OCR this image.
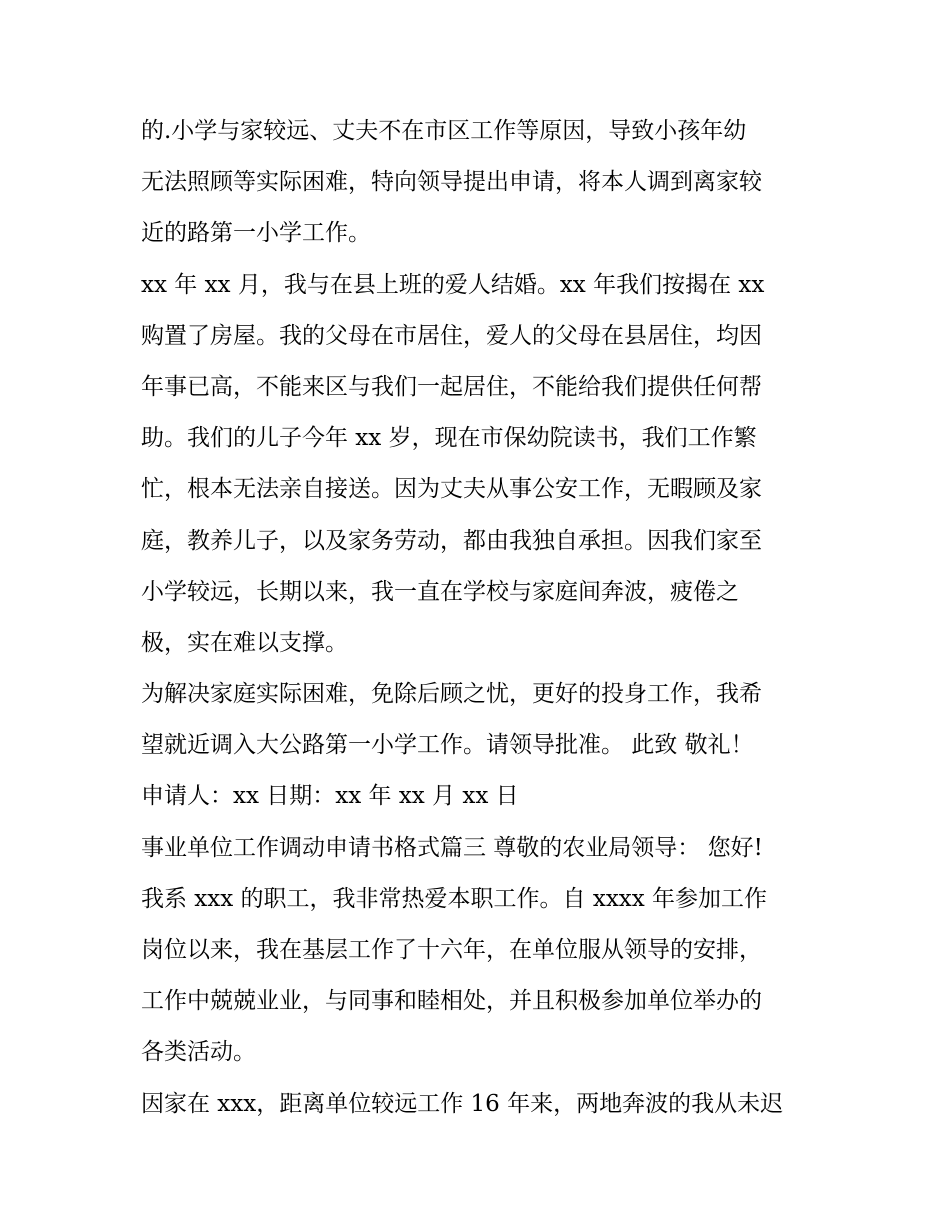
的.小学与家较远、丈夫不在市区工作等原因，导致小孩年幼
无法照顾等实际困难，特向领导提出申请，将本人调到离家较
近的路第一小学工作。
xx 年 xx 月，我与在县上班的爱人结婚。xx 年我们按揭在 xx
购置了房屋。我的父母在市居住，爱人的父母在县居住，均因
年事已高，不能来区与我们一起居住，不能给我们提供任何帮
助。我们的儿子今年 xx 岁，现在市保幼院读书，我们工作繁
忙，根本无法亲自接送。因为丈夫从事公安工作，无暇顾及家
庭，教养儿子，以及家务劳动，都由我独自承担。因我们家至
小学较远，长期以来，我一直在学校与家庭间奔波，疲倦之
极，实在难以支撑。
为解决家庭实际困难，免除后顾之忧，更好的投身工作，我希
望就近调入大公路第一小学工作。请领导批准。 此致 敬礼！
申请人：xx 日期：xx 年 xx 月 xx 日
事业单位工作调动申请书格式篇三 尊敬的农业局领导： 您好!
我系 xxx 的职工，我非常热爱本职工作。自 xxxx 年参加工作
岗位以来，我在基层工作了十六年，在单位服从领导的安排，
工作中兢兢业业，与同事和睦相处，并且积极参加单位举办的
各类活动。
因家在 xxx，距离单位较远工作 16 年来，两地奔波的我从未迟
